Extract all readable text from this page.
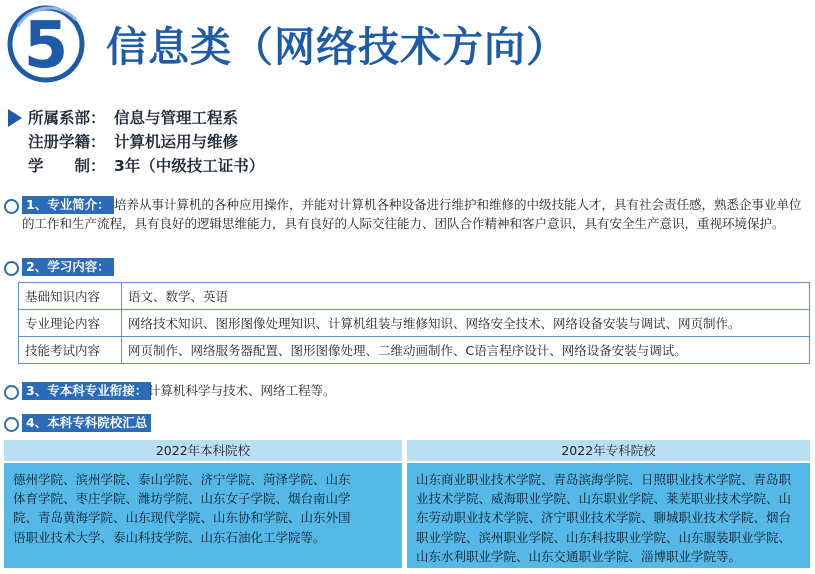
5 信息类（网络技术方向）
所属系部： 信息与管理工程系
注册学籍： 计算机运用与维修
学　　制： 3年（中级技工证书）
1、专业简介： 培养从事计算机的各种应用操作，并能对计算机各种设备进行维护和维修的中级技能人才，具有社会责任感，熟悉企事业单位的工作和生产流程，具有良好的逻辑思维能力，具有良好的人际交往能力、团队合作精神和客户意识，具有安全生产意识，重视环境保护。
2、学习内容：
基础知识内容	语文、数学、英语
专业理论内容	网络技术知识、图形图像处理知识、计算机组装与维修知识、网络安全技术、网络设备安装与调试、网页制作。
技能考试内容	网页制作、网络服务器配置、图形图像处理、二维动画制作、C语言程序设计、网络设备安装与调试。
3、专本科专业衔接： 计算机科学与技术、网络工程等。
4、本科专科院校汇总
2022年本科院校
德州学院、滨州学院、泰山学院、济宁学院、菏泽学院、山东
体育学院、枣庄学院、潍坊学院、山东女子学院、烟台南山学
院、青岛黄海学院、山东现代学院、山东协和学院、山东外国
语职业技术大学、泰山科技学院、山东石油化工学院等。
2022年专科院校
山东商业职业技术学院、青岛滨海学院、日照职业技术学院、青岛职
业技术学院、威海职业学院、山东职业学院、莱芜职业技术学院、山
东劳动职业技术学院、济宁职业技术学院、聊城职业技术学院、烟台
职业学院、滨州职业学院、山东科技职业学院、山东服装职业学院、
山东水利职业学院、山东交通职业学院、淄博职业学院等。
